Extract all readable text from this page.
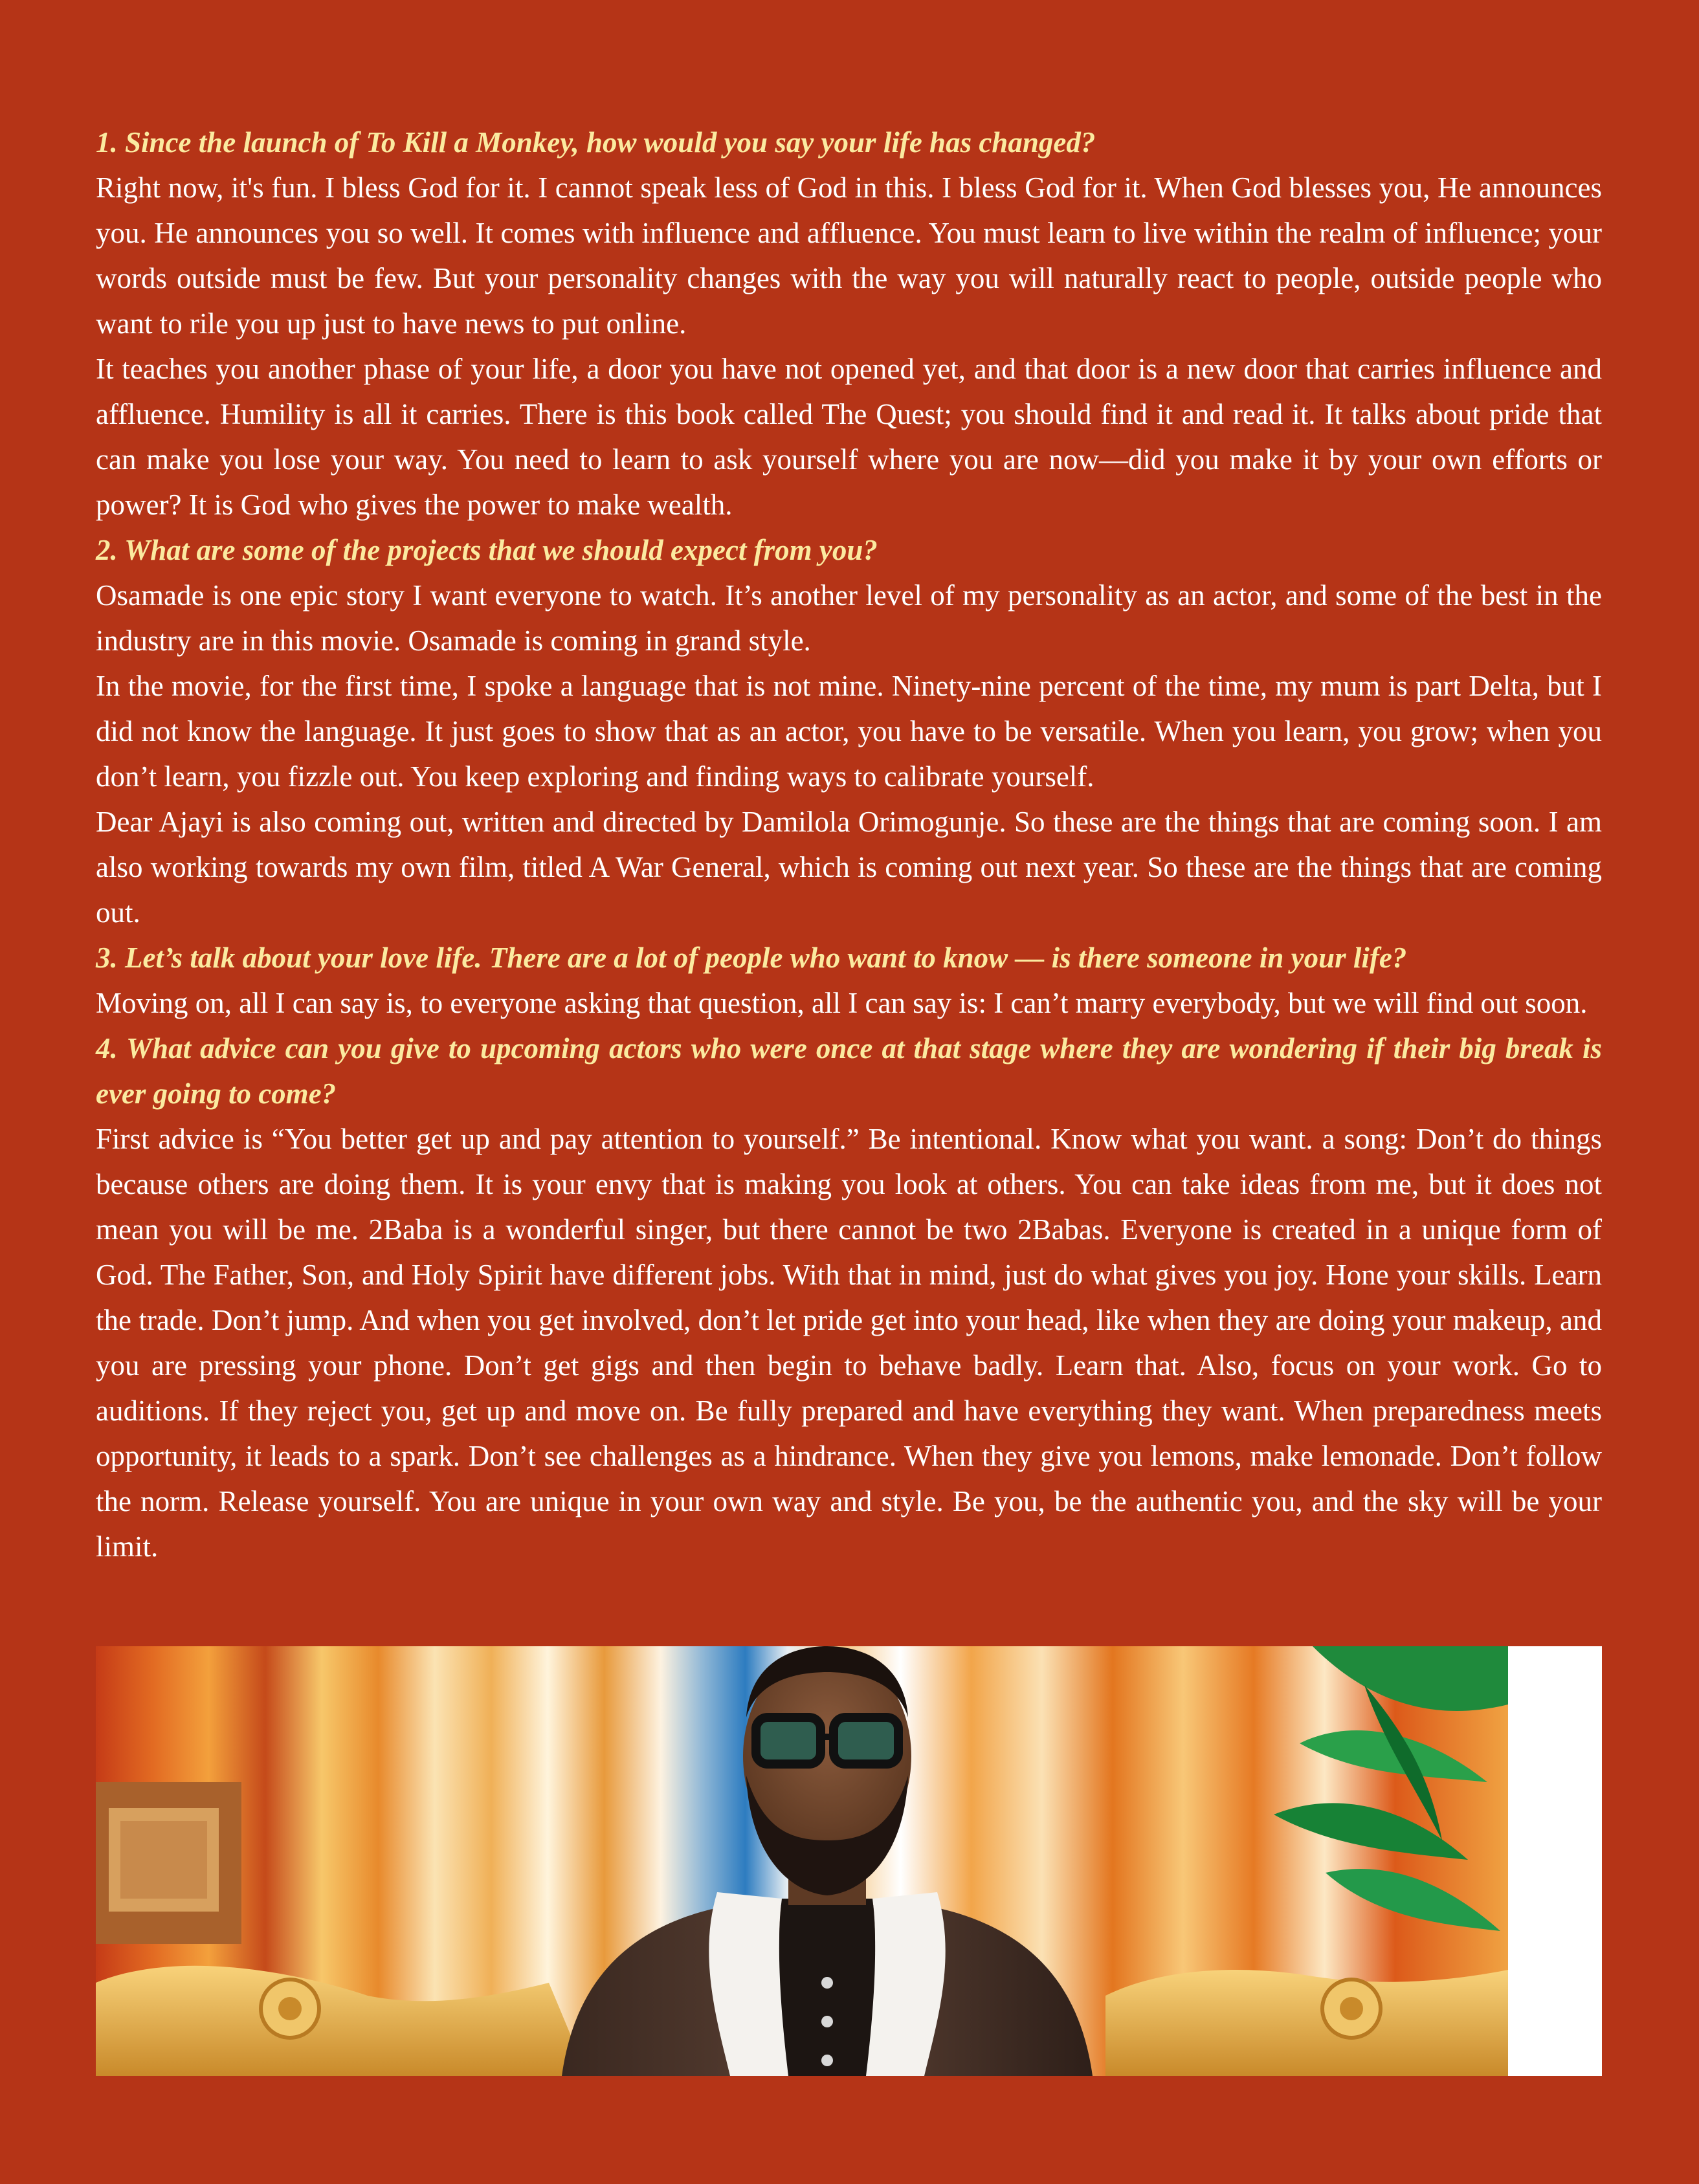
1. Since the launch of To Kill a Monkey, how would you say your life has changed?

Right now, it's fun. I bless God for it. I cannot speak less of God in this. I bless God for it. When God blesses you, He announces you. He announces you so well. It comes with influence and affluence. You must learn to live within the realm of influence; your words outside must be few. But your personality changes with the way you will naturally react to people, outside people who want to rile you up just to have news to put online.

It teaches you another phase of your life, a door you have not opened yet, and that door is a new door that carries influence and affluence. Humility is all it carries. There is this book called The Quest; you should find it and read it. It talks about pride that can make you lose your way. You need to learn to ask yourself where you are now—did you make it by your own efforts or power? It is God who gives the power to make wealth.

2. What are some of the projects that we should expect from you?

Osamade is one epic story I want everyone to watch. It’s another level of my personality as an actor, and some of the best in the industry are in this movie. Osamade is coming in grand style.

In the movie, for the first time, I spoke a language that is not mine. Ninety-nine percent of the time, my mum is part Delta, but I did not know the language. It just goes to show that as an actor, you have to be versatile. When you learn, you grow; when you don’t learn, you fizzle out. You keep exploring and finding ways to calibrate yourself.

Dear Ajayi is also coming out, written and directed by Damilola Orimogunje. So these are the things that are coming soon. I am also working towards my own film, titled A War General, which is coming out next year. So these are the things that are coming out.

3. Let’s talk about your love life. There are a lot of people who want to know — is there someone in your life?

Moving on, all I can say is, to everyone asking that question, all I can say is: I can’t marry everybody, but we will find out soon.

4. What advice can you give to upcoming actors who were once at that stage where they are wondering if their big break is ever going to come?

First advice is “You better get up and pay attention to yourself.” Be intentional. Know what you want. a song: Don’t do things because others are doing them. It is your envy that is making you look at others. You can take ideas from me, but it does not mean you will be me. 2Baba is a wonderful singer, but there cannot be two 2Babas. Everyone is created in a unique form of God. The Father, Son, and Holy Spirit have different jobs. With that in mind, just do what gives you joy. Hone your skills. Learn the trade. Don’t jump. And when you get involved, don’t let pride get into your head, like when they are doing your makeup, and you are pressing your phone. Don’t get gigs and then begin to behave badly. Learn that. Also, focus on your work. Go to auditions. If they reject you, get up and move on. Be fully prepared and have everything they want. When preparedness meets opportunity, it leads to a spark. Don’t see challenges as a hindrance. When they give you lemons, make lemonade. Don’t follow the norm. Release yourself. You are unique in your own way and style. Be you, be the authentic you, and the sky will be your limit.
